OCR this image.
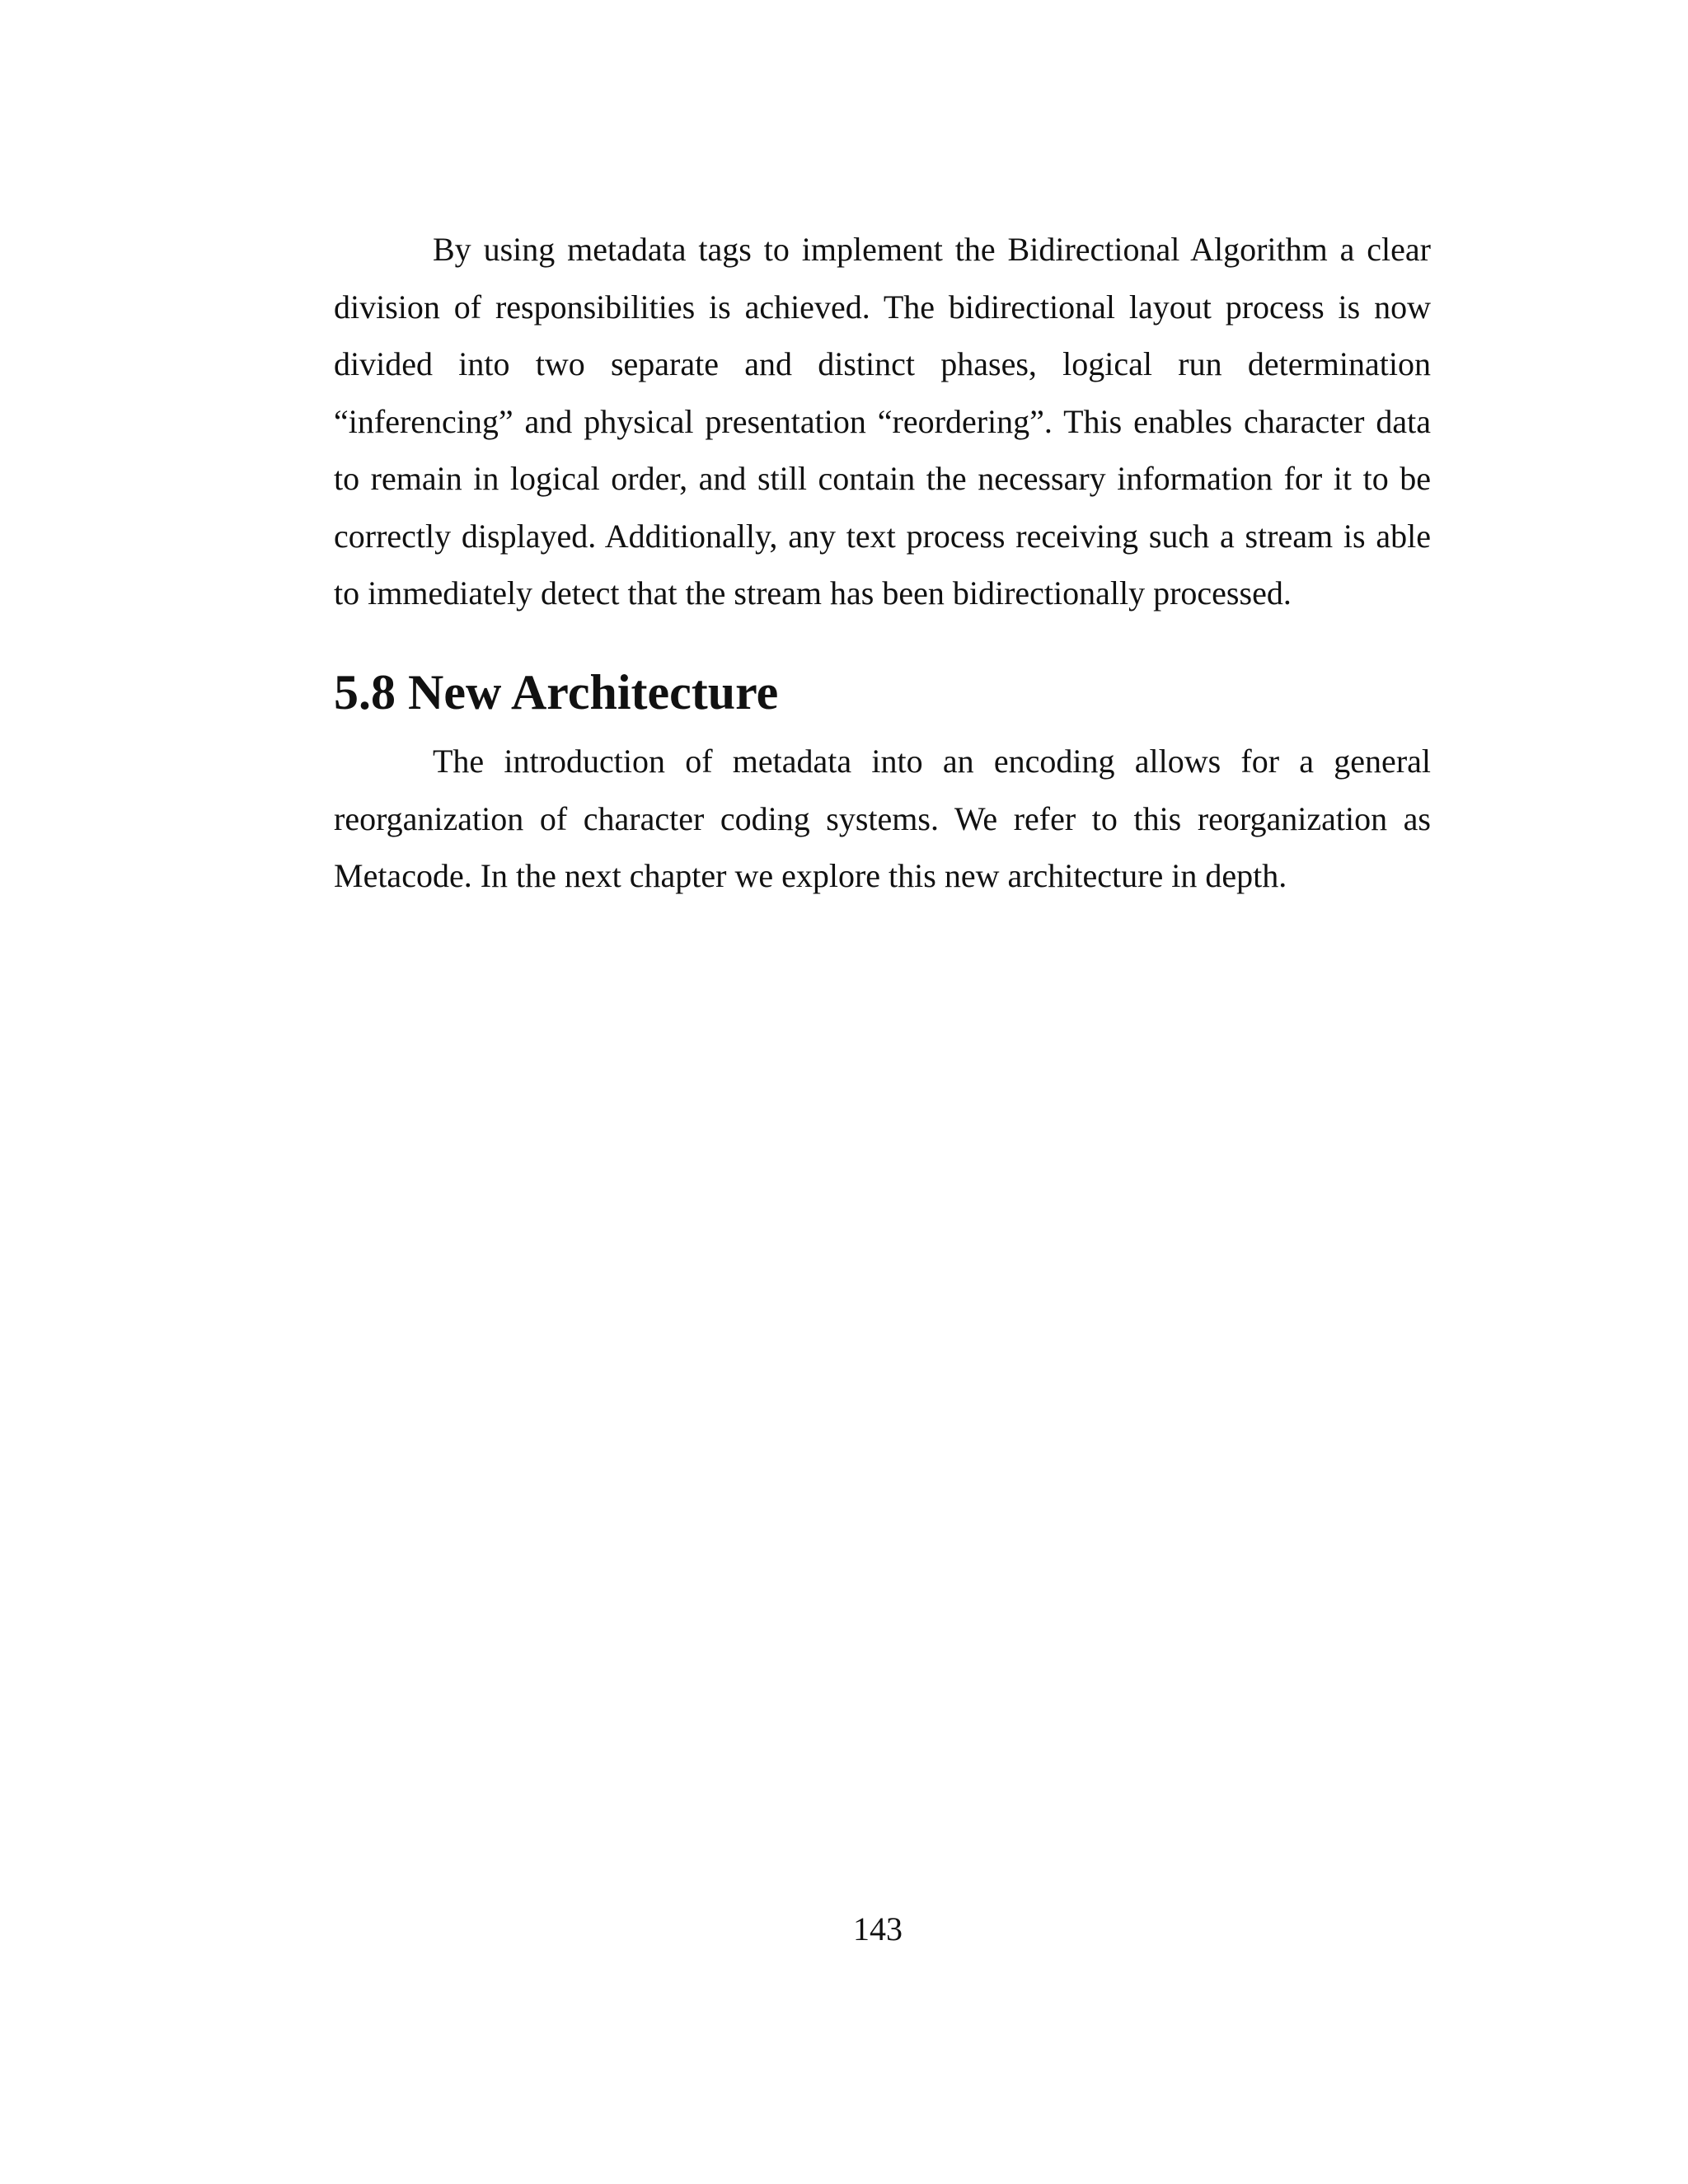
By using metadata tags to implement the Bidirectional Algorithm a clear division of responsibilities is achieved. The bidirectional layout process is now divided into two separate and distinct phases, logical run determination “inferencing” and physical presentation “reordering”. This enables character data to remain in logical order, and still contain the necessary information for it to be correctly displayed. Additionally, any text process receiving such a stream is able to immediately detect that the stream has been bidirectionally processed.

5.8 New Architecture

The introduction of metadata into an encoding allows for a general reorganization of character coding systems. We refer to this reorganization as Metacode. In the next chapter we explore this new architecture in depth.

143
